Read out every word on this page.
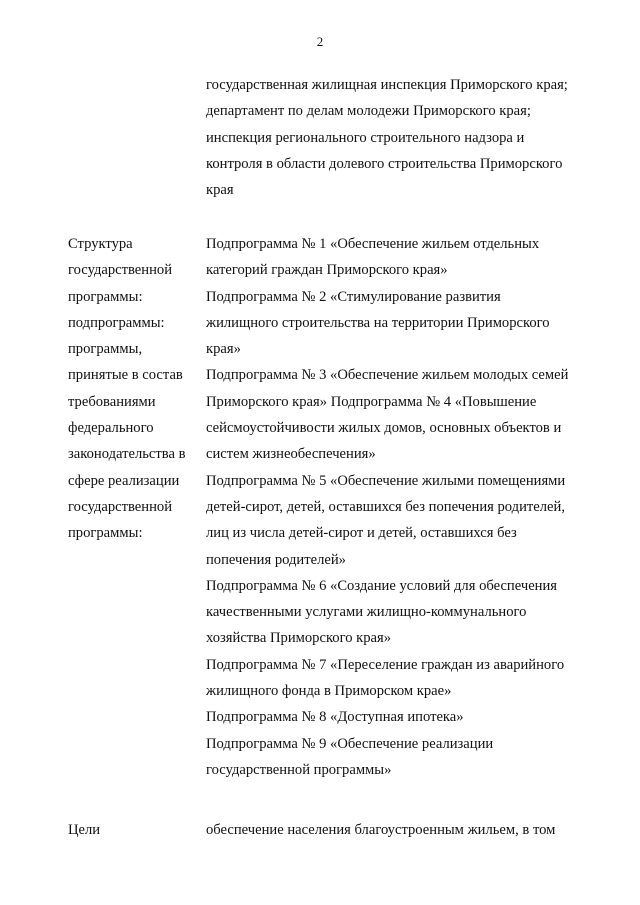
2
государственная жилищная инспекция Приморского края;
департамент по делам молодежи Приморского края;
инспекция регионального строительного надзора и
контроля в области долевого строительства Приморского
края
Структура
государственной
программы:
подпрограммы:
программы,
принятые в состав
требованиями
федерального
законодательства в
сфере реализации
государственной
программы:
Подпрограмма № 1 «Обеспечение жильем отдельных
категорий граждан Приморского края»
Подпрограмма № 2 «Стимулирование развития
жилищного строительства на территории Приморского
края»
Подпрограмма № 3 «Обеспечение жильем молодых семей
Приморского края» Подпрограмма № 4 «Повышение
сейсмоустойчивости жилых домов, основных объектов и
систем жизнеобеспечения»
Подпрограмма № 5 «Обеспечение жилыми помещениями
детей-сирот, детей, оставшихся без попечения родителей,
лиц из числа детей-сирот и детей, оставшихся без
попечения родителей»
Подпрограмма № 6 «Создание условий для обеспечения
качественными услугами жилищно-коммунального
хозяйства Приморского края»
Подпрограмма № 7 «Переселение граждан из аварийного
жилищного фонда в Приморском крае»
Подпрограмма № 8 «Доступная ипотека»
Подпрограмма № 9 «Обеспечение реализации
государственной программы»
Цели	обеспечение населения благоустроенным жильем, в том
